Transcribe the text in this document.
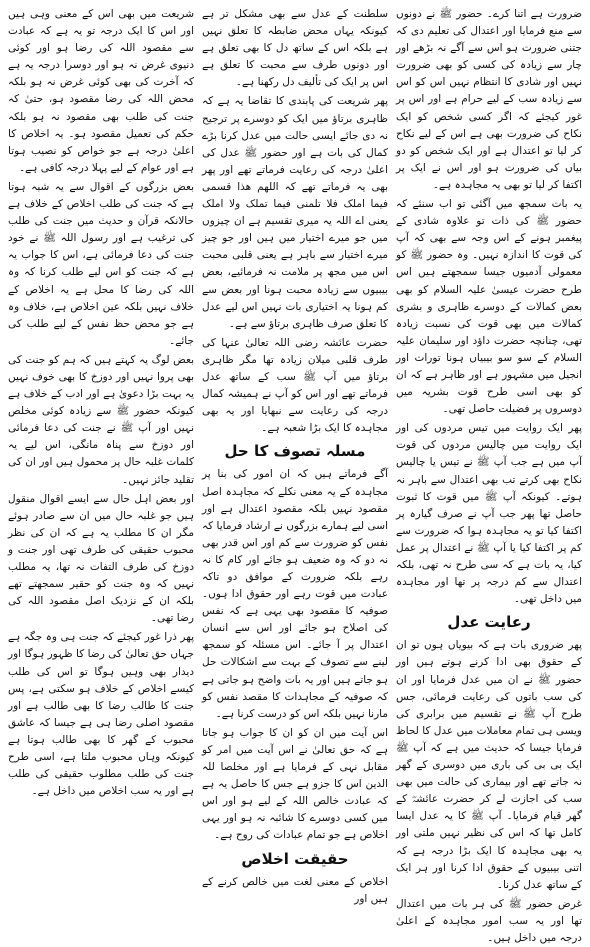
ضرورت ہے اتنا کرے۔ حضور ﷺ نے دونوں سے منع فرمایا اور اعتدال کی تعلیم دی کہ جتنی ضرورت ہو اس سے آگے نہ بڑھے اور چار سے زیادہ کی کسی کو بھی ضرورت نہیں اور شادی کا انتظام نہیں اس کو اس سے زیادہ سب کے لیے حرام ہے اور اس پر غور کیجئے کہ اگر کسی شخص کو ایک نکاح کی ضرورت بھی ہے اس کے لیے نکاح کر لیا تو اعتدال ہے اور ایک شخص کو دو بیاں کی ضرورت ہو اور اس نے ایک پر اکتفا کر لیا تو بھی یہ مجاہدہ ہے۔

یہ بات سمجھ میں آگئی تو اب سنئے کہ حضور ﷺ کی ذات تو علاوہ شادی کے پیغمبر ہونے کے اس وجہ سے بھی کہ آپ کی قوت کا اندازہ نہیں۔ وہ حضور ﷺ کو معمولی آدمیوں جیسا سمجھتے ہیں اس طرح حضرت عیسیٰ علیہ السلام کو بھی بعض کمالات کے دوسرے ظاہری و بشری کمالات میں بھی قوت کی نسبت زیادہ تھی، چنانچہ حضرت داؤد اور سلیمان علیہ السلام کے سو سو بیبیاں ہونا تورات اور انجیل میں مشہور ہے اور ظاہر ہے کہ ان کو بھی اسی طرح قوت بشریہ میں دوسروں پر فضیلت حاصل تھی۔

پھر ایک روایت میں تیس مردوں کی اور ایک روایت میں چالیس مردوں کی قوت آپ میں ہے جب آپ ﷺ نے تیس یا چالیس نکاح بھی کرتے تب بھی اعتدال سے باہر نہ ہوتے۔ کیونکہ آپ ﷺ میں قوت کا ثبوت حاصل تھا پھر جب آپ نے صرف گیارہ پر اکتفا کیا تو یہ مجاہدہ ہوا کہ ضرورت سے کم پر اکتفا کیا یا آپ ﷺ نے اعتدال پر عمل کیا، یہ بات ہے کہ سی طرح نہ تھی، بلکہ اعتدال سے کم درجہ پر تھا اور مجاہدہ میں داخل تھی۔

رعایت عدل

پھر ضروری بات ہے کہ بیویاں ہوں تو ان کے حقوق بھی ادا کرنے ہوتے ہیں اور حضور ﷺ نے ان میں عدل فرمایا اور ان کی سب باتوں کی رعایت فرمائی، جس طرح آپ ﷺ نے تقسیم میں برابری کی ویسی ہی تمام معاملات میں عدل کا لحاظ فرمایا جیسا کہ حدیث میں ہے کہ آپ ﷺ ایک بی بی کی باری میں دوسری کے گھر نہ جاتے تھے اور بیماری کی حالت میں بھی سب کی اجازت لے کر حضرت عائشہؓ کے گھر قیام فرمایا۔ آپ ﷺ کا یہ عدل ایسا کامل تھا کہ اس کی نظیر نہیں ملتی اور یہ بھی مجاہدہ کا ایک بڑا درجہ ہے کہ اتنی بیبیوں کے حقوق ادا کرنا اور ہر ایک کے ساتھ عدل کرنا۔

غرض حضور ﷺ کی ہر بات میں اعتدال تھا اور یہ سب امور مجاہدہ کے اعلیٰ درجہ میں داخل ہیں۔

سلطنت کے عدل سے بھی مشکل تر ہے کیونکہ یہاں محض ضابطہ کا تعلق نہیں ہے بلکہ اس کے ساتھ دل کا بھی تعلق ہے اور دونوں طرف سے محبت کا تعلق ہے اس پر ایک کی تألیف دل رکھنا ہے۔

پھر شریعت کی پابندی کا تقاضا یہ ہے کہ ظاہری برتاؤ میں ایک کو دوسرے پر ترجیح نہ دی جائے ایسی حالت میں عدل کرنا بڑے کمال کی بات ہے اور حضور ﷺ عدل کی اعلیٰ درجہ کی رعایت فرماتے تھے اور پھر بھی یہ فرماتے تھے کہ اللھم ھذا قسمی فیما املک فلا تلمنی فیما تملک ولا املک یعنی اے اللہ یہ میری تقسیم ہے ان چیزوں میں جو میرے اختیار میں ہیں اور جو چیز میرے اختیار سے باہر ہے یعنی قلبی محبت اس میں مجھ پر ملامت نہ فرمائیے، بعض بیبیوں سے زیادہ محبت ہونا اور بعض سے کم ہونا یہ اختیاری بات نہیں اس لیے عدل کا تعلق صرف ظاہری برتاؤ سے ہے۔

حضرت عائشہ رضی اللہ تعالیٰ عنہا کی طرف قلبی میلان زیادہ تھا مگر ظاہری برتاؤ میں آپ ﷺ سب کے ساتھ عدل فرماتے تھے اور اس کو آپ نے ہمیشہ کمال درجہ کی رعایت سے نبھایا اور یہ بھی مجاہدہ کا ایک بڑا شعبہ ہے۔

مسلہ تصوف کا حل

آگے فرماتے ہیں کہ ان امور کی بنا پر مجاہدہ کے یہ معنی نکلے کہ مجاہدہ اصل مقصود نہیں بلکہ مقصود اعتدال ہے اور اسی لیے ہمارے بزرگوں نے ارشاد فرمایا کہ نفس کو ضرورت سے کم اور اس قدر بھی نہ دو کہ وہ ضعیف ہو جائے اور کام کا نہ رہے بلکہ ضرورت کے موافق دو تاکہ عبادت میں قوت رہے اور حقوق ادا ہوں۔ صوفیہ کا مقصود بھی یہی ہے کہ نفس کی اصلاح ہو جائے اور اس سے انسان اعتدال پر آ جائے۔ اس مسئلہ کو سمجھ لینے سے تصوف کے بہت سے اشکالات حل ہو جاتے ہیں اور یہ بات واضح ہو جاتی ہے کہ صوفیہ کے مجاہدات کا مقصد نفس کو مارنا نہیں بلکہ اس کو درست کرنا ہے۔

اس آیت میں ان کو ان کا جواب ہو جاتا ہے کہ حق تعالیٰ نے اس آیت میں امر کو مقابل نہی کے فرمایا ہے اور مخلصا للہ الدین اس کا جزو ہے جس کا حاصل یہ ہے کہ عبادت خالص اللہ کے لیے ہو اور اس میں کسی دوسرے کا شائبہ نہ ہو اور یہی اخلاص ہے جو تمام عبادات کی روح ہے۔

حقیقت اخلاص

اخلاص کے معنی لغت میں خالص کرنے کے ہیں اور

شریعت میں بھی اس کے معنی وہی ہیں اور اس کا ایک درجہ تو یہ ہے کہ عبادت سے مقصود اللہ کی رضا ہو اور کوئی دنیوی غرض نہ ہو اور دوسرا درجہ یہ ہے کہ آخرت کی بھی کوئی غرض نہ ہو بلکہ محض اللہ کی رضا مقصود ہو، حتیٰ کہ جنت کی طلب بھی مقصود نہ ہو بلکہ حکم کی تعمیل مقصود ہو۔ یہ اخلاص کا اعلیٰ درجہ ہے جو خواص کو نصیب ہوتا ہے اور عوام کے لیے پہلا درجہ کافی ہے۔

بعض بزرگوں کے اقوال سے یہ شبہ ہوتا ہے کہ جنت کی طلب اخلاص کے خلاف ہے حالانکہ قرآن و حدیث میں جنت کی طلب کی ترغیب ہے اور رسول اللہ ﷺ نے خود جنت کی دعا فرمائی ہے، اس کا جواب یہ ہے کہ جنت کو اس لیے طلب کرنا کہ وہ اللہ کی رضا کا محل ہے یہ اخلاص کے خلاف نہیں بلکہ عین اخلاص ہے، خلاف وہ ہے جو محض حظ نفس کے لیے طلب کی جائے۔

بعض لوگ یہ کہتے ہیں کہ ہم کو جنت کی بھی پروا نہیں اور دوزخ کا بھی خوف نہیں یہ بہت بڑا دعویٰ ہے اور ادب کے خلاف ہے کیونکہ حضور ﷺ سے زیادہ کوئی مخلص نہیں اور آپ ﷺ نے جنت کی دعا فرمائی اور دوزخ سے پناہ مانگی، اس لیے یہ کلمات غلبہ حال پر محمول ہیں اور ان کی تقلید جائز نہیں۔

اور بعض اہل حال سے ایسے اقوال منقول ہیں جو غلبہ حال میں ان سے صادر ہوئے مگر ان کا مطلب یہ ہے کہ ان کی نظر محبوب حقیقی کی طرف تھی اور جنت و دوزخ کی طرف التفات نہ تھا، یہ مطلب نہیں کہ وہ جنت کو حقیر سمجھتے تھے بلکہ ان کے نزدیک اصل مقصود اللہ کی رضا تھی۔

پھر ذرا غور کیجئے کہ جنت ہی وہ جگہ ہے جہاں حق تعالیٰ کی رضا کا ظہور ہوگا اور دیدار بھی وہیں ہوگا تو اس کی طلب کیسے اخلاص کے خلاف ہو سکتی ہے، پس جنت کا طالب رضا کا بھی طالب ہے اور مقصود اصلی رضا ہی ہے جیسا کہ عاشق محبوب کے گھر کا بھی طالب ہوتا ہے کیونکہ وہاں محبوب ملتا ہے، اسی طرح جنت کی طلب مطلوب حقیقی کی طلب ہے اور یہ سب اخلاص میں داخل ہے۔
